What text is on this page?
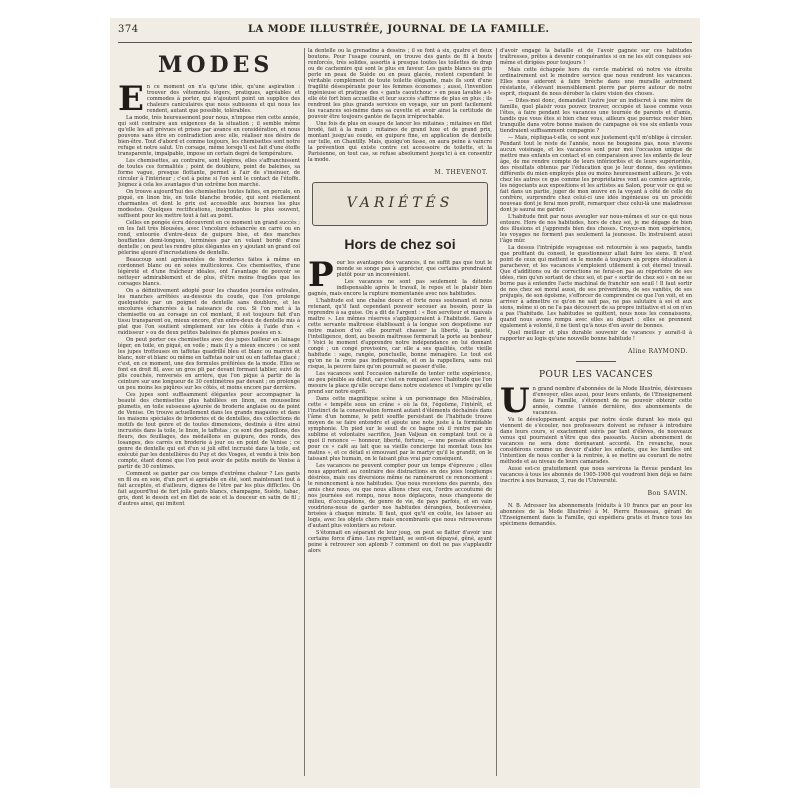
374	LA MODE ILLUSTRÉE, JOURNAL DE LA FAMILLE.
MODES
E n ce moment on n'a qu'une idée, qu'une aspiration : trouver des vêtements légers, pratiques, agréables et commodes à porter, qui n'ajoutent point un supplice des chaleurs caniculaires que nous subissons et qui nous les rendent, autant que possible, tolérables.
La mode, très heureusement pour nous, n'impose rien cette année, qui soit contraire aux exigences de la situation ; il semble même qu'elle les ait prévues et prises par avance en considération, et nous pouvons sans être en contradiction avec elle, réaliser nos désirs de bien-être. Tout d'abord et comme toujours, les chemisettes sont notre refuge et notre salut. Un corsage, même lorsqu'il est fait d'une étoffe transparente, impalpable, impose un certain degré de température.
Les chemisettes, au contraire, sont légères, elles s'affranchissent de toutes ces formalités ; point de doublure, point de baleines, sa forme vague, presque flottante, permet à l'air de s'insinuer, de circuler à l'intérieur ; c'est à peine si l'on sent le contact de l'étoffe. Joignez à cela les avantages d'un extrême bon marché.
On trouve aujourd'hui des chemisettes toutes faites, en percale, en piqué, en linon bis, en toile blanche brodée, qui sont réellement charmantes et dont le prix est accessible aux bourses les plus modestes. Quelques rectifications, insignifiantes le plus souvent, suffisent pour les mettre tout à fait au point.
Celles en pongée écru découvrent en ce moment un grand succès ; on les fait très blousées, avec l'encolure échancrée en carré ou en rond, entourée d'entre-deux de guipure bise, et des manches bouffantes demi-longues, terminées par un volant bordé d'une dentelle ; on peut les rendre plus élégantes en y ajoutant un grand col pèlerine ajouré d'incrustations de dentelle.
Beaucoup sont agrémentées de broderies faites à même en cordonnet blanc ou en soies multicolores. Ces chemisettes, d'une légèreté et d'une fraîcheur idéales, ont l'avantage de pouvoir se nettoyer admirablement et de plus, d'être moins fragiles que les corsages blancs.
On a définitivement adopté pour les chaudes journées estivales, les manches arrêtées au-dessous du coude, que l'on prolonge quelquefois par un poignet de dentelle sans doublure, et les encolures échancrées à la naissance du cou. Si l'on met à la chemisette ou au corsage un col montant, il est toujours fait d'un tissu transparent ou, mieux encore, d'un entre-deux de dentelle mis à plat que l'on soutient simplement sur les côtés à l'aide d'un « raidisseur » ou de deux petites baleines de plumes posées en x.
On peut porter ces chemisettes avec des jupes tailleur en lainage léger, en toile, en piqué, en voile ; mais il y a mieux encore : ce sont les jupes trotteuses en taffetas quadrillé bleu et blanc ou marron et blanc, noir et blanc ou même en taffetas noir uni ou en taffetas glacé ; c'est, en ce moment, une des formules préférées de la mode. Elles se font en droit fil, avec un gros pli par devant formant tablier, suivi de plis couchés, renversés en arrière, que l'on pique à partir de la ceinture sur une longueur de 30 centimètres par devant ; on prolonge un peu moins les piqûres sur les côtés, et moins encore par derrière.
Ces jupes sont suffisamment élégantes pour accompagner la beauté des chemisettes plus habillées en linon, en mousseline plumetis, en toile suisseuse ajourée de broderie anglaise ou de point de Venise. On trouve actuellement dans les grands magasins et dans les maisons spéciales de broderies et de dentelles, des collections de motifs de tout genre et de toutes dimensions, destinés à être ainsi incrustés dans la toile, le linon, le taffetas ; ce sont des papillons, des fleurs, des feuillages, des médaillons en guipure, des ronds, des losanges, des carrés en broderie à jour ou en point de Venise ; ce genre de dentelle qui est d'un si joli effet incrusté dans la toile, est exécuté par les dentellières du Puy et des Vosges, et vendu à très bon compte, étant donné que l'on peut avoir de petits motifs de Venise à partir de 30 centimes.
Comment se ganter par ces temps d'extrême chaleur ? Les gants en fil ou en soie, d'un port si agréable en été, sont maintenant tout à fait acceptés, et d'ailleurs, dignes de l'être par les plus difficiles. On fait aujourd'hui de fort jolis gants blancs, champagne, Suède, tabac, gris, dont le dessin est en filet de soie et la douceur en satin de fil ; d'autres ainsi, qui imitent
la dentelle ou la grenadine à dessins ; il se font à six, quatre et deux boutons. Pour l'usage courant, on trouve des gants de fil à bouts renforcés, très solides, assortis à presque toutes les toilettes de drap ou de cachemire qui sont le plus en faveur. Les gants blancs ou gris perle en peau de Suède ou en peau glacée, restent cependant le véritable complément de toute toilette élégante, mais ils sont d'une fragilité désespérante pour les femmes économes ; aussi, l'invention ingénieuse et pratique des « gants caoutchouc » en peau lavable a-t-elle été fort bien accueillie et leur succès s'affirme de plus en plus ; ils rendront les plus grands services en voyage, sur un pont facilement les vacances soi-même dans sa cuvette et avoir ainsi la certitude de pouvoir être toujours gantée de façon irréprochable.
Une fois de plus on essaye de lancer les mitaines ; mitaines en filet brodé, fait à la main : mitaines de grand luxe et de grand prix, montant jusqu'au coude, en guipure fine, en application de dentelle sur tulle, en Chantilly. Mais, quoiqu'on fasse, on aura peine à vaincre la prévention qui existe contre cet accessoire de toilette, et la Parisienne, on tout cas, se refuse absolument jusqu'ici à en consentir la mode.
M. THEVENOT.
VARIÉTÉS
Hors de chez soi
P our les avantages des vacances, il ne suffit pas que tout le monde se songe pas à apprécier, que certains prendraient plutôt pour un inconvénient.
Les vacances ne sont pas seulement la détente indispensable après le travail, le repos et le plaisir bien gagnés, mais encore la rupture momentanée avec nos habitudes.
L'habitude est une chaîne douce et forte nous soutenant et nous retenant, qu'il faut cependant pouvoir secouer au besoin, pour la reprendre à sa guise. On a dit de l'argent : « Bon serviteur et mauvais maître ». Les mêmes réserves s'appliqueraient à l'habitude. Gare à cette servante maîtresse établissant à la longue son despotisme sur notre maison d'où elle pourrait chasser la liberté, la gaieté, l'intelligence, dont, au besoin maîtresse fermerait la porte au bonheur ! Voici le moment d'apprendre notre indépendance en lui donnant congé ; un congé provisoire, car elle a ses qualités, cette vieille habitude : sage, rangée, ponctuelle, bonne ménagère. Le tout est qu'on ne la croie pas indispensable, et on la rappellera, sans nul risque, la peuvre faire qu'on pourrait se passer d'elle.
Les vacances sont l'occasion naturelle de tenter cette expérience, au peu pénible au début, car c'est en rompant avec l'habitude que l'on mesure la place qu'elle occupe dans notre existence et l'empire qu'elle prend sur notre esprit.
Dans cette magnifique scène à un personnage des Misérables, cette « tempête sous un crâne » où la foi, l'égoïsme, l'intérêt, et l'instinct de la conservation forment autant d'éléments déchaînés dans l'âme d'un homme, le petit souffle persistant de l'habitude trouve moyen de se faire entendre et ajoute une note juste à la formidable symphonie. Un pied sur le seuil de ce bagne où il rentre par un sublime et volontaire sacrifice, Jean Valjean en comptant tout ce à quoi il renonce — honneur, liberté, fortune, — une pensée attendrie pour ce « café au lait que sa vieille concierge lui montait tous les matins », et ce détail si émouvant par le martyr qu'il le grandit, on le laissant plus humain, on le faisant plus vrai par conséquent.
Les vacances ne peuvent compter pour un temps d'épreuve ; elles nous apportent au contraire des distractions en des joies longtemps désirées, mais ces diversions même ne ramèneront ce renoncement : le renoncement à nos habitudes. Que nous recevions des parents, des amis chez nous, ou que nous allions chez eux, l'ordre accoutumé de nos journées est rompu, nous nous déplaçons, nous changeons de milieu, d'occupations, de genre de vie, de pays parfois, et en vain voudrions-nous de garder nos habitudes dérangées, bouleversées, brisées à chaque minute. Il faut, quoi qu'il en coûte, les laisser au logis, avec les objets chers mais encombrants que nous retrouverons d'autant plus volontiers au retour.
S'étonnait en séparant de leur joug, on peut se flatter d'avoir une certaine force d'âme. Les regrettant, se sent-on dépaysé, gêné, ayant peine à retrouver son aplomb ? comment on doit ne pas s'applaudir alors
d'avoir engagé la bataille et de l'avoir gagnée sur ces habitudes traîtresses, prêtes à devenir conquérantes si on ne les eût conquises soi-même et dirigées pour toujours !
Mais cette échappée hors du cercle matériel où notre vie étroite ordinairement est le moindre service que nous rendront les vacances. Elles nous aideront à faire brèche dans une muraille autrement résistante, s'élevant insensiblement pierre par pierre autour de notre esprit, risquant de nous dérober la claire vision des choses.
— Dites-moi donc, demandait l'autre jour un indiscret à une mère de famille, quel plaisir vous pouvez trouver, occupée et lasse comme vous l'êtes, à faire pendant les vacances une tournée de parents et d'amis, tandis que vous êtes si bien chez vous, ailleurs que pourriez rester bien tranquille dans votre bonne maison de campagne où vos six enfants vous tiendraient suffisamment compagnie ?
— Mais, répliqua-t-elle, ce sont eux justement qu'il m'oblige à circuler. Pendant tout le reste de l'année, nous ne bougeons pas, nous n'avons aucun voisinage, et les vacances sont pour moi l'occasion unique de mettre mes enfants en contact et en comparaison avec les enfants de leur âge, de me rendre compte de leurs infériorités et de leurs supériorités, des résultats obtenus par l'éducation que je leur donne, des systèmes différents du mien employés plus ou moins heureusement ailleurs. Je vois chez les autres ce que comme les propriétaires vont au comice agricole, les négociants aux expositions et les artistes au Salon, pour voir ce qui se fait dans un partie, juger de mon œuvre en la voyant à côté de celle du confrère, surprendre chez celui-ci une idée ingénieuse ou un procédé nouveau dont je ferai mon profit, remarquer chez celui-là une maladresse dont je saurai me garder.
L'habitude finit par nous aveugler sur nous-mêmes et sur ce qui nous entoure. Hors de nos habitudes, hors de chez soi, je me dégage de bien des illusions et j'apprends bien des choses. Croyez-en mon expérience, les voyages ne forment pas seulement la jeunesse. Ils instruisent aussi l'âge mûr.
La dessus l'intrépide voyageuse est retournée à ses paquets, tandis que profitant du conseil, le questionneur allait faire les siens. Il n'est point de ceux qui mettent en le monde à toujours en propre éducation à parachever, et les vacances s'emploient utilement à cet éternel travail. Que d'additions ou de corrections ne ferai-on pas au répertoire de ses idées, rien qu'en sortant de chez soi, et par « sortir de chez soi » on ne se borne pas à entendre l'acte machinal de franchir son seuil ! Il faut sortir de nos chez soi moral aussi, de ses préventions, de ses vanités, de ses préjugés, de son égoïsme, s'efforcer de comprendre ce que l'on voit, et en arriver à admettre ce qu'on ne sait pas, ne pas salutaire à soi et aux siens, même si on ne l'a pas découvert de sa propre initiative et si on n'en a pas l'habitude. Les habitudes se quittent, nous nous les connaissons, quand nous avons rompu avec elles au départ ; elles se prennent également à volonté, il ne tient qu'à nous d'en avoir de bonnes.
Quel meilleur et plus durable souvenir de vacances y aurait-il à rapporter au logis qu'une nouvelle bonne habitude !
Aline RAYMOND.
POUR LES VACANCES
U n grand nombre d'abonnées de la Mode Illustrée, désireuses d'envoyer, elles aussi, pour leurs enfants, de l'Enseignement dans la Famille, s'étonnent de ne pouvoir obtenir cette année, comme l'année dernière, des abonnements de vacances.
Vu le développement acquis par notre école durant les mois qui viennent de s'écouler, nos professeurs doivent se refuser à introduire dans leurs cours, si exactement suivis par tant d'élèves, de nouveaux venus qui pourraient n'être que des passants. Aucun abonnement de vacances ne sera donc dorénavant accordé. En revanche, nous considérons comme un devoir d'aider les enfants, que les familles ont l'intention de nous confier à la rentrée, à se mettre au courant de notre méthode et au niveau de leurs camarades.
Aussi est-ce gratuitement que nous servirons la Revue pendant les vacances à tous les abonnés de 1905-1906 qui voudront bien déjà se faire inscrire à nos bureaux, 3, rue de l'Université.
Bon SAVIN.
N. B. Adresser les abonnements (réduits à 10 francs par an pour les abonnées de la Mode Illustrée) à M. Pierre Rousseau, gérant de l'Enseignement dans la Famille, qui expédiera gratis et franco tous les spécimens demandés.
